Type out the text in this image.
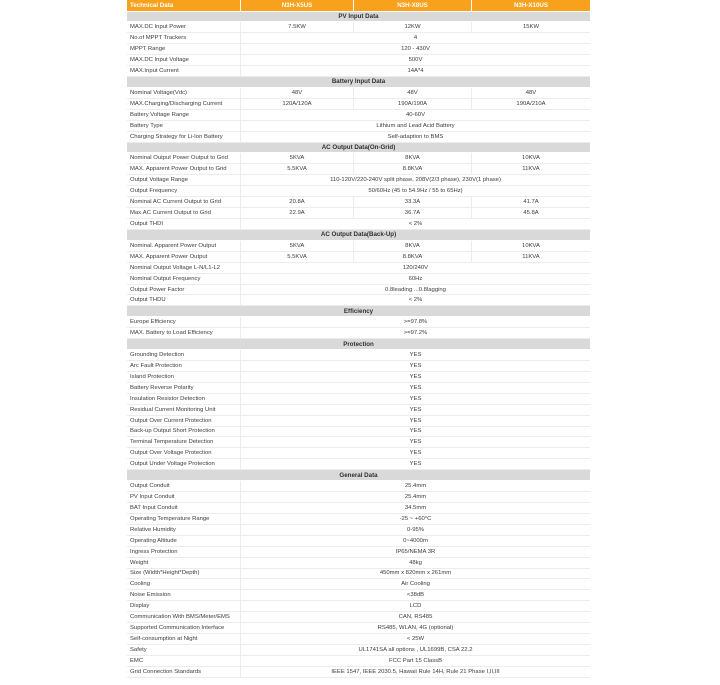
Technical Data	N3H-X5US	N3H-X8US	N3H-X10US
PV Input Data
MAX.DC Input Power	7.5KW	12KW	15KW
No.of MPPT Trackers	4
MPPT Range	120 - 430V
MAX.DC Input Voltage	500V
MAX.Input Current	14A*4
Battery Input Data
Nominal Voltage(Vdc)	48V	48V	48V
MAX.Charging/Discharging Current	120A/120A	190A/190A	190A/210A
Battery Voltage Range	40-60V
Battery Type	Lithium and Lead Acid Battery
Charging Strategy for Li-Ion Battery	Self-adaption to BMS
AC Output Data(On-Grid)
Nominal Output Power Output to Grid	5KVA	8KVA	10KVA
MAX. Apparent Power Output to Grid	5.5KVA	8.8KVA	11KVA
Output Voltage Range	110-120V/220-240V split phase, 208V(2/3 phase), 230V(1 phase)
Output Frequency	50/60Hz (45 to 54.9Hz / 55 to 65Hz)
Nominal AC Current Output to Grid	20.8A	33.3A	41.7A
Max.AC Current Output to Grid	22.9A	36.7A	45.8A
Output THDI	< 2%
AC Output Data(Back-Up)
Nominal. Apparent Power Output	5KVA	8KVA	10KVA
MAX. Apparent Power Output	5.5KVA	8.8KVA	11KVA
Nominal Output Voltage L-N/L1-L2	120/240V
Nominal Output Frequency	60Hz
Output Power Factor	0.8leading ...0.8lagging
Output THDU	< 2%
Efficiency
Europe Efficiency	>=97.8%
MAX. Battery to Load Efficiency	>=97.2%
Protection
Grounding Detection	YES
Arc Fault Protection	YES
Island Protection	YES
Battery Reverse Polarity	YES
Insulation Resistor Detection	YES
Residual Current Monitoring Unit	YES
Output Over Current Protection	YES
Back-up Output Short Protection	YES
Terminal Temperature Detection	YES
Output Over Voltage Protection	YES
Output Under Voltage Protection	YES
General Data
Output Conduit	25.4mm
PV Input Conduit	25.4mm
BAT Input Conduit	34.5mm
Operating Temperature Range	-25 ~ +60°C
Relative Humidity	0-95%
Operating Altitude	0~4000m
Ingress Protection	IP65/NEMA 3R
Weight	48kg
Size (Width*Height*Depth)	450mm x 820mm x 261mm
Cooling	Air Cooling
Noise Emission	<38dB
Display	LCD
Communication With BMS/Meter/EMS	CAN, RS485
Supported Communication Interface	RS485, WLAN, 4G (optional)
Self-consumption at Night	< 25W
Safety	UL1741SA all options , UL1699B, CSA 22.2
EMC	FCC Part 15 ClassB
Grid Connection Standards	IEEE 1547, IEEE 2030.5, Hawaii Rule 14H, Rule 21 Phase I,II,III
